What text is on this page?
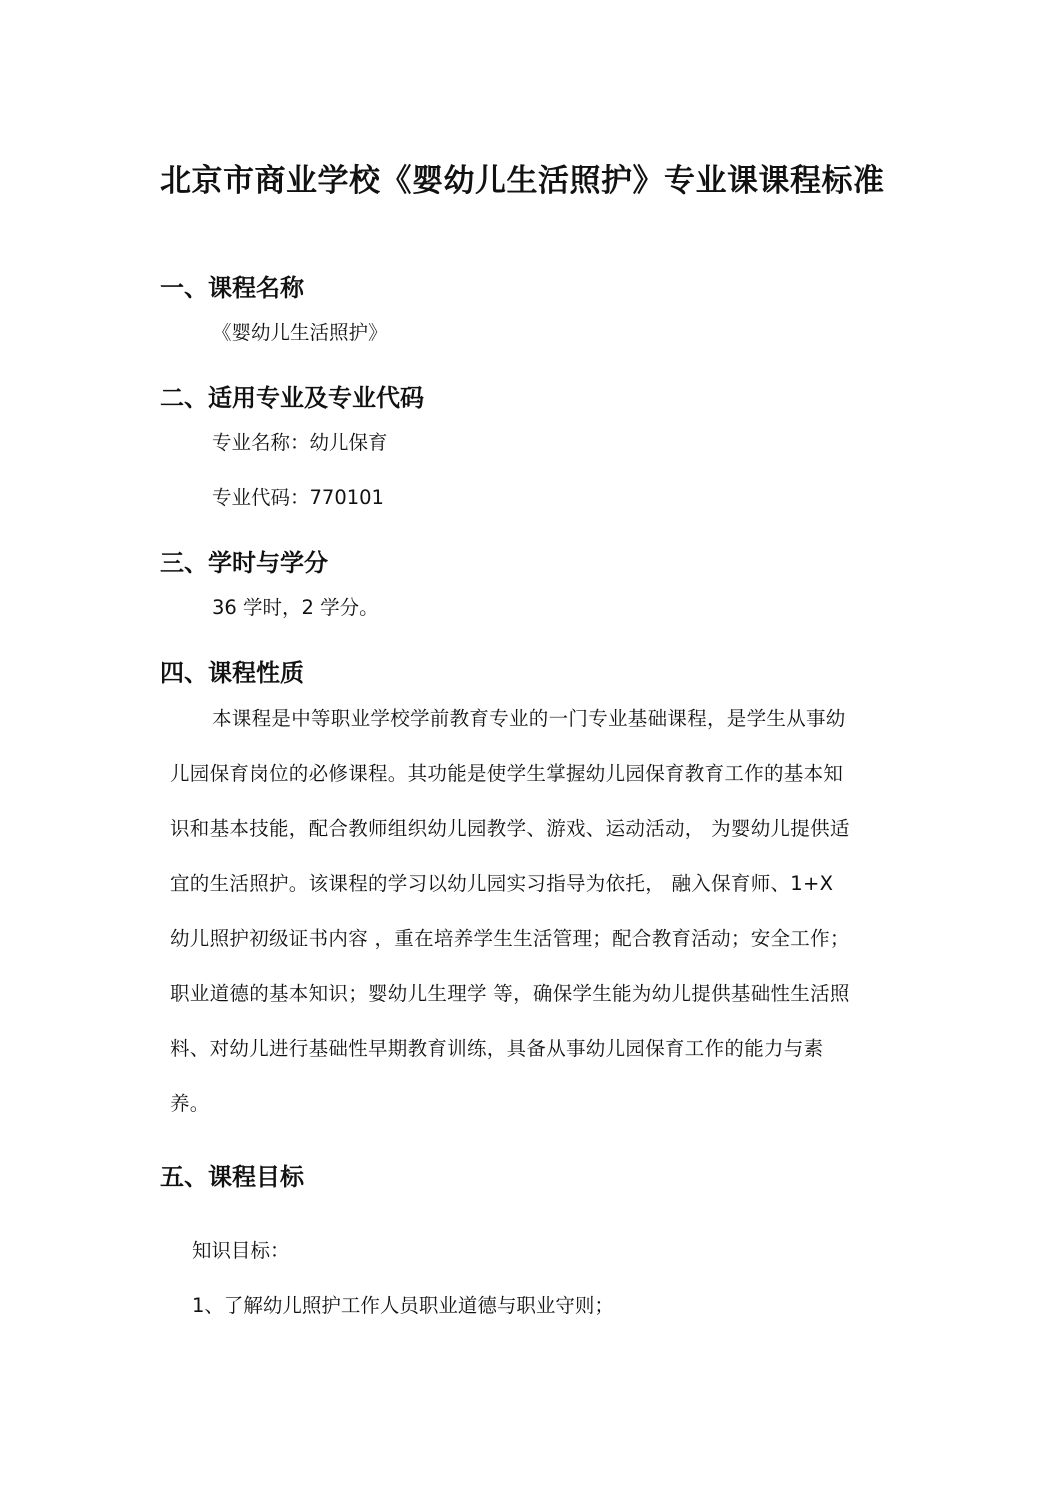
北京市商业学校《婴幼儿生活照护》专业课课程标准
一、课程名称
《婴幼儿生活照护》
二、适用专业及专业代码
专业名称：幼儿保育
专业代码：770101
三、学时与学分
36 学时，2 学分。
四、课程性质
本课程是中等职业学校学前教育专业的一门专业基础课程，是学生从事幼
儿园保育岗位的必修课程。其功能是使学生掌握幼儿园保育教育工作的基本知
识和基本技能，配合教师组织幼儿园教学、游戏、运动活动， 为婴幼儿提供适
宜的生活照护。该课程的学习以幼儿园实习指导为依托， 融入保育师、1+X
幼儿照护初级证书内容 ，重在培养学生生活管理；配合教育活动；安全工作；
职业道德的基本知识；婴幼儿生理学 等，确保学生能为幼儿提供基础性生活照
料、对幼儿进行基础性早期教育训练，具备从事幼儿园保育工作的能力与素
养。
五、课程目标
知识目标：
1、了解幼儿照护工作人员职业道德与职业守则；
